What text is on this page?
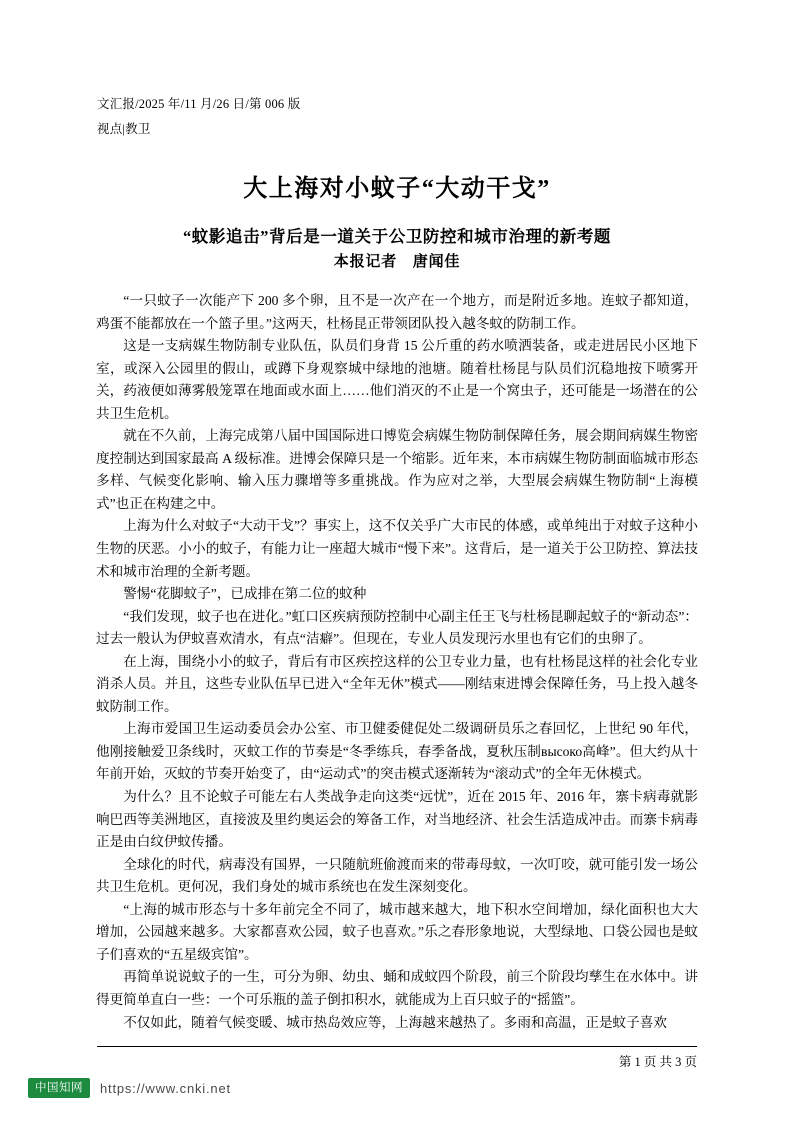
文汇报/2025 年/11 月/26 日/第 006 版
视点|教卫
大上海对小蚊子“大动干戈”
“蚊影追击”背后是一道关于公卫防控和城市治理的新考题
本报记者　唐闻佳

“一只蚊子一次能产下 200 多个卵，且不是一次产在一个地方，而是附近多地。连蚊子都知道，鸡蛋不能都放在一个篮子里。”这两天，杜杨昆正带领团队投入越冬蚊的防制工作。

这是一支病媒生物防制专业队伍，队员们身背 15 公斤重的药水喷洒装备，或走进居民小区地下室，或深入公园里的假山，或蹲下身观察城中绿地的池塘。随着杜杨昆与队员们沉稳地按下喷雾开关，药液便如薄雾般笼罩在地面或水面上……他们消灭的不止是一个窝虫子，还可能是一场潜在的公共卫生危机。

就在不久前，上海完成第八届中国国际进口博览会病媒生物防制保障任务，展会期间病媒生物密度控制达到国家最高 A 级标准。进博会保障只是一个缩影。近年来，本市病媒生物防制面临城市形态多样、气候变化影响、输入压力骤增等多重挑战。作为应对之举，大型展会病媒生物防制“上海模式”也正在构建之中。

上海为什么对蚊子“大动干戈”？事实上，这不仅关乎广大市民的体感，或单纯出于对蚊子这种小生物的厌恶。小小的蚊子，有能力让一座超大城市“慢下来”。这背后，是一道关于公卫防控、算法技术和城市治理的全新考题。

警惕“花脚蚊子”，已成排在第二位的蚊种

“我们发现，蚊子也在进化。”虹口区疾病预防控制中心副主任王飞与杜杨昆聊起蚊子的“新动态”：过去一般认为伊蚊喜欢清水，有点“洁癖”。但现在，专业人员发现污水里也有它们的虫卵了。

在上海，围绕小小的蚊子，背后有市区疾控这样的公卫专业力量，也有杜杨昆这样的社会化专业消杀人员。并且，这些专业队伍早已进入“全年无休”模式——刚结束进博会保障任务，马上投入越冬蚊防制工作。

上海市爱国卫生运动委员会办公室、市卫健委健促处二级调研员乐之春回忆，上世纪 90 年代，他刚接触爱卫条线时，灭蚊工作的节奏是“冬季练兵，春季备战，夏秋压制высоко高峰”。但大约从十年前开始，灭蚊的节奏开始变了，由“运动式”的突击模式逐渐转为“滚动式”的全年无休模式。

为什么？且不论蚊子可能左右人类战争走向这类“远忧”，近在 2015 年、2016 年，寨卡病毒就影响巴西等美洲地区，直接波及里约奥运会的筹备工作，对当地经济、社会生活造成冲击。而寨卡病毒正是由白纹伊蚊传播。

全球化的时代，病毒没有国界，一只随航班偷渡而来的带毒母蚊，一次叮咬，就可能引发一场公共卫生危机。更何况，我们身处的城市系统也在发生深刻变化。

“上海的城市形态与十多年前完全不同了，城市越来越大，地下积水空间增加，绿化面积也大大增加，公园越来越多。大家都喜欢公园，蚊子也喜欢。”乐之春形象地说，大型绿地、口袋公园也是蚊子们喜欢的“五星级宾馆”。

再简单说说蚊子的一生，可分为卵、幼虫、蛹和成蚊四个阶段，前三个阶段均孳生在水体中。讲得更简单直白一些：一个可乐瓶的盖子倒扣积水，就能成为上百只蚊子的“摇篮”。

不仅如此，随着气候变暖、城市热岛效应等，上海越来越热了。多雨和高温，正是蚊子喜欢

第 1 页 共 3 页
中国知网	https://www.cnki.net
